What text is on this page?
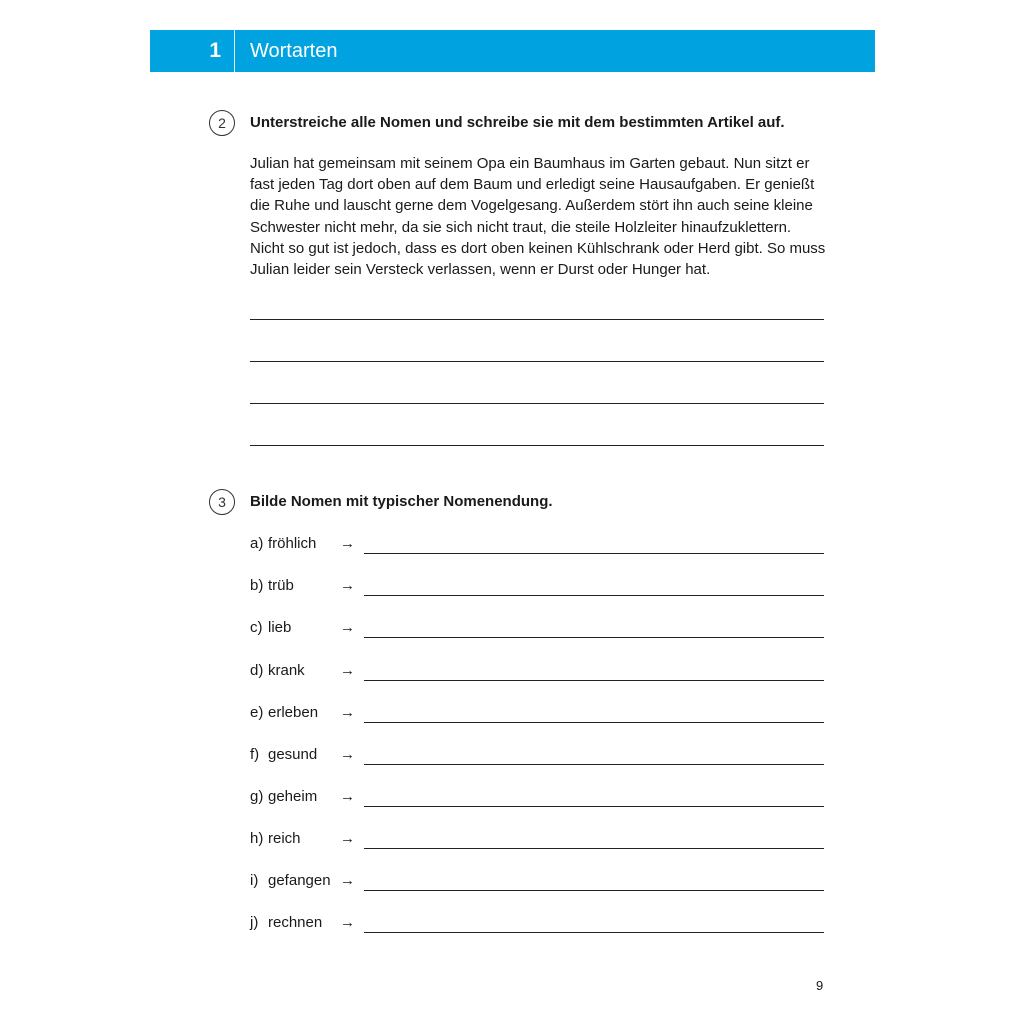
1 Wortarten
2	Unterstreiche alle Nomen und schreibe sie mit dem bestimmten Artikel auf.
Julian hat gemeinsam mit seinem Opa ein Baumhaus im Garten gebaut. Nun sitzt er
fast jeden Tag dort oben auf dem Baum und erledigt seine Hausaufgaben. Er genießt
die Ruhe und lauscht gerne dem Vogelgesang. Außerdem stört ihn auch seine kleine
Schwester nicht mehr, da sie sich nicht traut, die steile Holzleiter hinaufzuklettern.
Nicht so gut ist jedoch, dass es dort oben keinen Kühlschrank oder Herd gibt. So muss
Julian leider sein Versteck verlassen, wenn er Durst oder Hunger hat.
3	Bilde Nomen mit typischer Nomenendung.
a) fröhlich →
b) trüb	→
c) lieb	→
d) krank →
e) erleben →
f) gesund →
g) geheim →
h) reich	→
i) gefangen →
j) rechnen →
9
